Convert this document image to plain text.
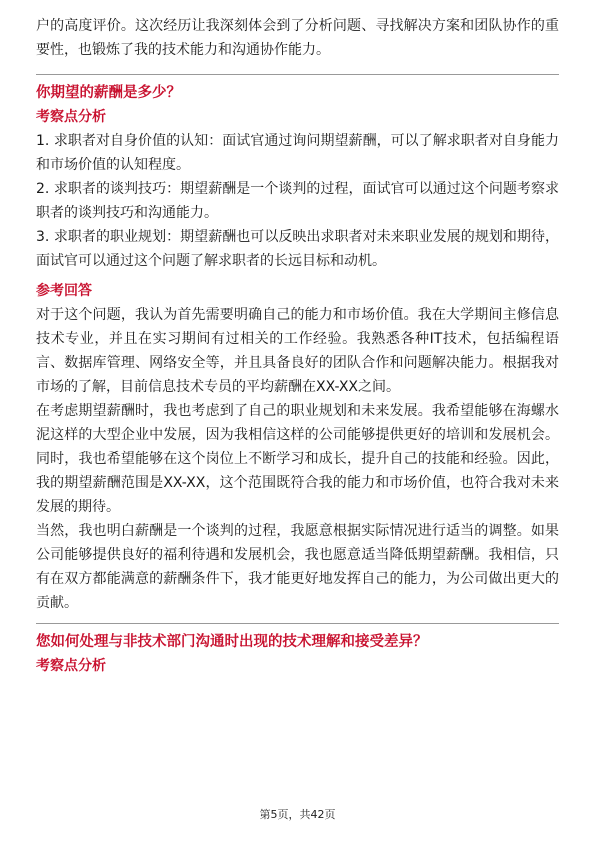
户的高度评价。这次经历让我深刻体会到了分析问题、寻找解决方案和团队协作的重要性，也锻炼了我的技术能力和沟通协作能力。

你期望的薪酬是多少？

考察点分析

1. 求职者对自身价值的认知：面试官通过询问期望薪酬，可以了解求职者对自身能力和市场价值的认知程度。

2. 求职者的谈判技巧：期望薪酬是一个谈判的过程，面试官可以通过这个问题考察求职者的谈判技巧和沟通能力。

3. 求职者的职业规划：期望薪酬也可以反映出求职者对未来职业发展的规划和期待，面试官可以通过这个问题了解求职者的长远目标和动机。

参考回答

对于这个问题，我认为首先需要明确自己的能力和市场价值。我在大学期间主修信息技术专业，并且在实习期间有过相关的工作经验。我熟悉各种IT技术，包括编程语言、数据库管理、网络安全等，并且具备良好的团队合作和问题解决能力。根据我对市场的了解，目前信息技术专员的平均薪酬在XX-XX之间。

在考虑期望薪酬时，我也考虑到了自己的职业规划和未来发展。我希望能够在海螺水泥这样的大型企业中发展，因为我相信这样的公司能够提供更好的培训和发展机会。同时，我也希望能够在这个岗位上不断学习和成长，提升自己的技能和经验。因此，我的期望薪酬范围是XX-XX，这个范围既符合我的能力和市场价值，也符合我对未来发展的期待。

当然，我也明白薪酬是一个谈判的过程，我愿意根据实际情况进行适当的调整。如果公司能够提供良好的福利待遇和发展机会，我也愿意适当降低期望薪酬。我相信，只有在双方都能满意的薪酬条件下，我才能更好地发挥自己的能力，为公司做出更大的贡献。

您如何处理与非技术部门沟通时出现的技术理解和接受差异？

考察点分析

第5页，共42页
